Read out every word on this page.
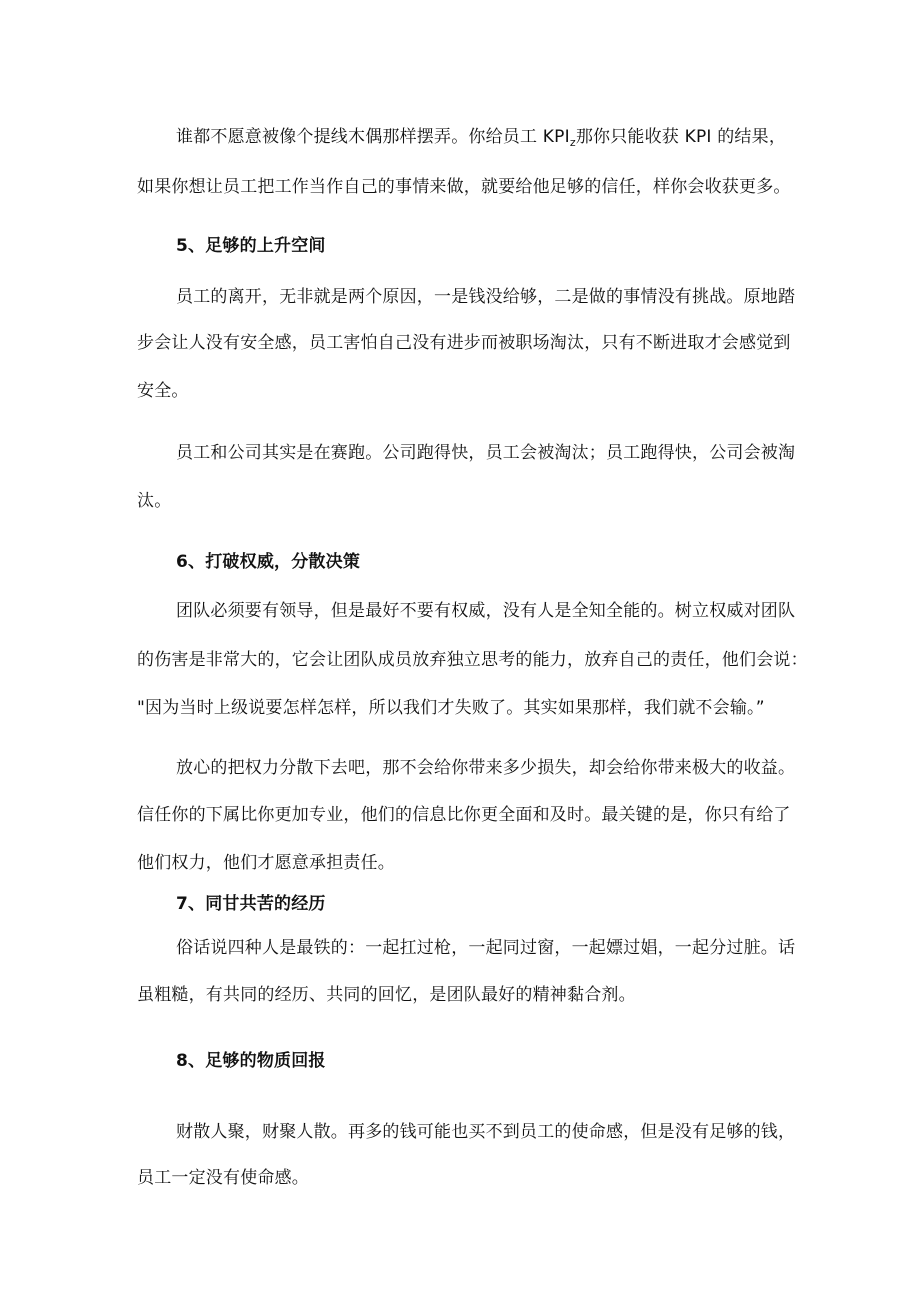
谁都不愿意被像个提线木偶那样摆弄。你给员工 $KPI_z$那你只能收获 KPI 的结果，
如果你想让员工把工作当作自己的事情来做，就要给他足够的信任，样你会收获更多。
5、足够的上升空间
员工的离开，无非就是两个原因，一是钱没给够，二是做的事情没有挑战。原地踏
步会让人没有安全感，员工害怕自己没有进步而被职场淘汰，只有不断进取才会感觉到
安全。
员工和公司其实是在赛跑。公司跑得快，员工会被淘汰；员工跑得快，公司会被淘
汰。
6、打破权威，分散决策
团队必须要有领导，但是最好不要有权威，没有人是全知全能的。树立权威对团队
的伤害是非常大的，它会让团队成员放弃独立思考的能力，放弃自己的责任，他们会说：
"因为当时上级说要怎样怎样，所以我们才失败了。其实如果那样，我们就不会输。”
放心的把权力分散下去吧，那不会给你带来多少损失，却会给你带来极大的收益。
信任你的下属比你更加专业，他们的信息比你更全面和及时。最关键的是，你只有给了
他们权力，他们才愿意承担责任。
7、同甘共苦的经历
俗话说四种人是最铁的：一起扛过枪，一起同过窗，一起嫖过娼，一起分过脏。话
虽粗糙，有共同的经历、共同的回忆，是团队最好的精神黏合剂。
8、足够的物质回报
财散人聚，财聚人散。再多的钱可能也买不到员工的使命感，但是没有足够的钱，
员工一定没有使命感。
